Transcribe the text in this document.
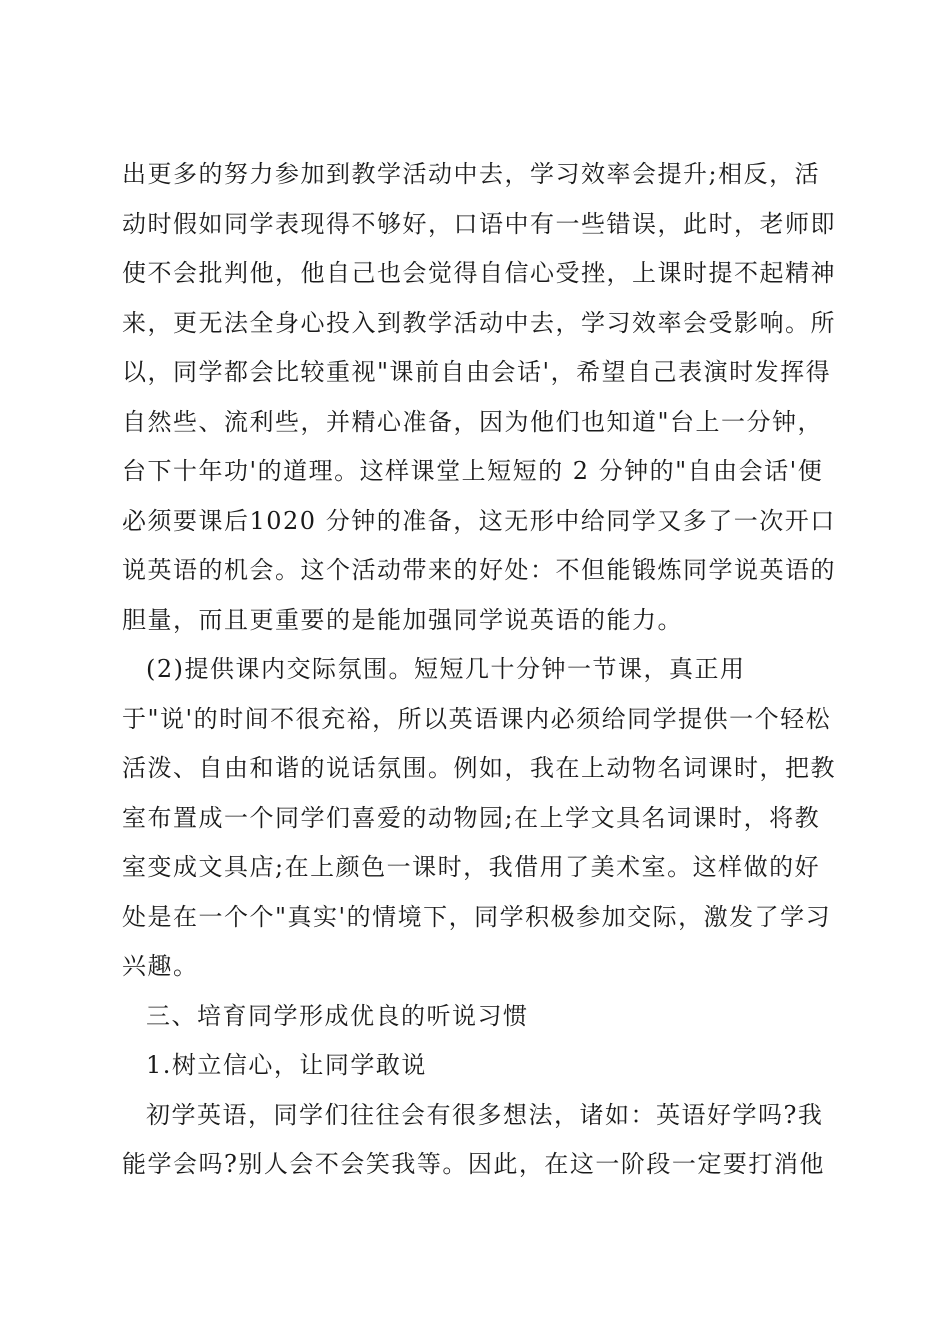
出更多的努力参加到教学活动中去，学习效率会提升;相反，活
动时假如同学表现得不够好，口语中有一些错误，此时，老师即
使不会批判他，他自己也会觉得自信心受挫，上课时提不起精神
来，更无法全身心投入到教学活动中去，学习效率会受影响。所
以，同学都会比较重视"课前自由会话'，希望自己表演时发挥得
自然些、流利些，并精心准备，因为他们也知道"台上一分钟，
台下十年功'的道理。这样课堂上短短的 2 分钟的"自由会话'便
必须要课后1020 分钟的准备，这无形中给同学又多了一次开口
说英语的机会。这个活动带来的好处：不但能锻炼同学说英语的
胆量，而且更重要的是能加强同学说英语的能力。
(2)提供课内交际氛围。短短几十分钟一节课，真正用
于"说'的时间不很充裕，所以英语课内必须给同学提供一个轻松
活泼、自由和谐的说话氛围。例如，我在上动物名词课时，把教
室布置成一个同学们喜爱的动物园;在上学文具名词课时，将教
室变成文具店;在上颜色一课时，我借用了美术室。这样做的好
处是在一个个"真实'的情境下，同学积极参加交际，激发了学习
兴趣。
三、培育同学形成优良的听说习惯
1.树立信心，让同学敢说
初学英语，同学们往往会有很多想法，诸如：英语好学吗?我
能学会吗?别人会不会笑我等。因此，在这一阶段一定要打消他
